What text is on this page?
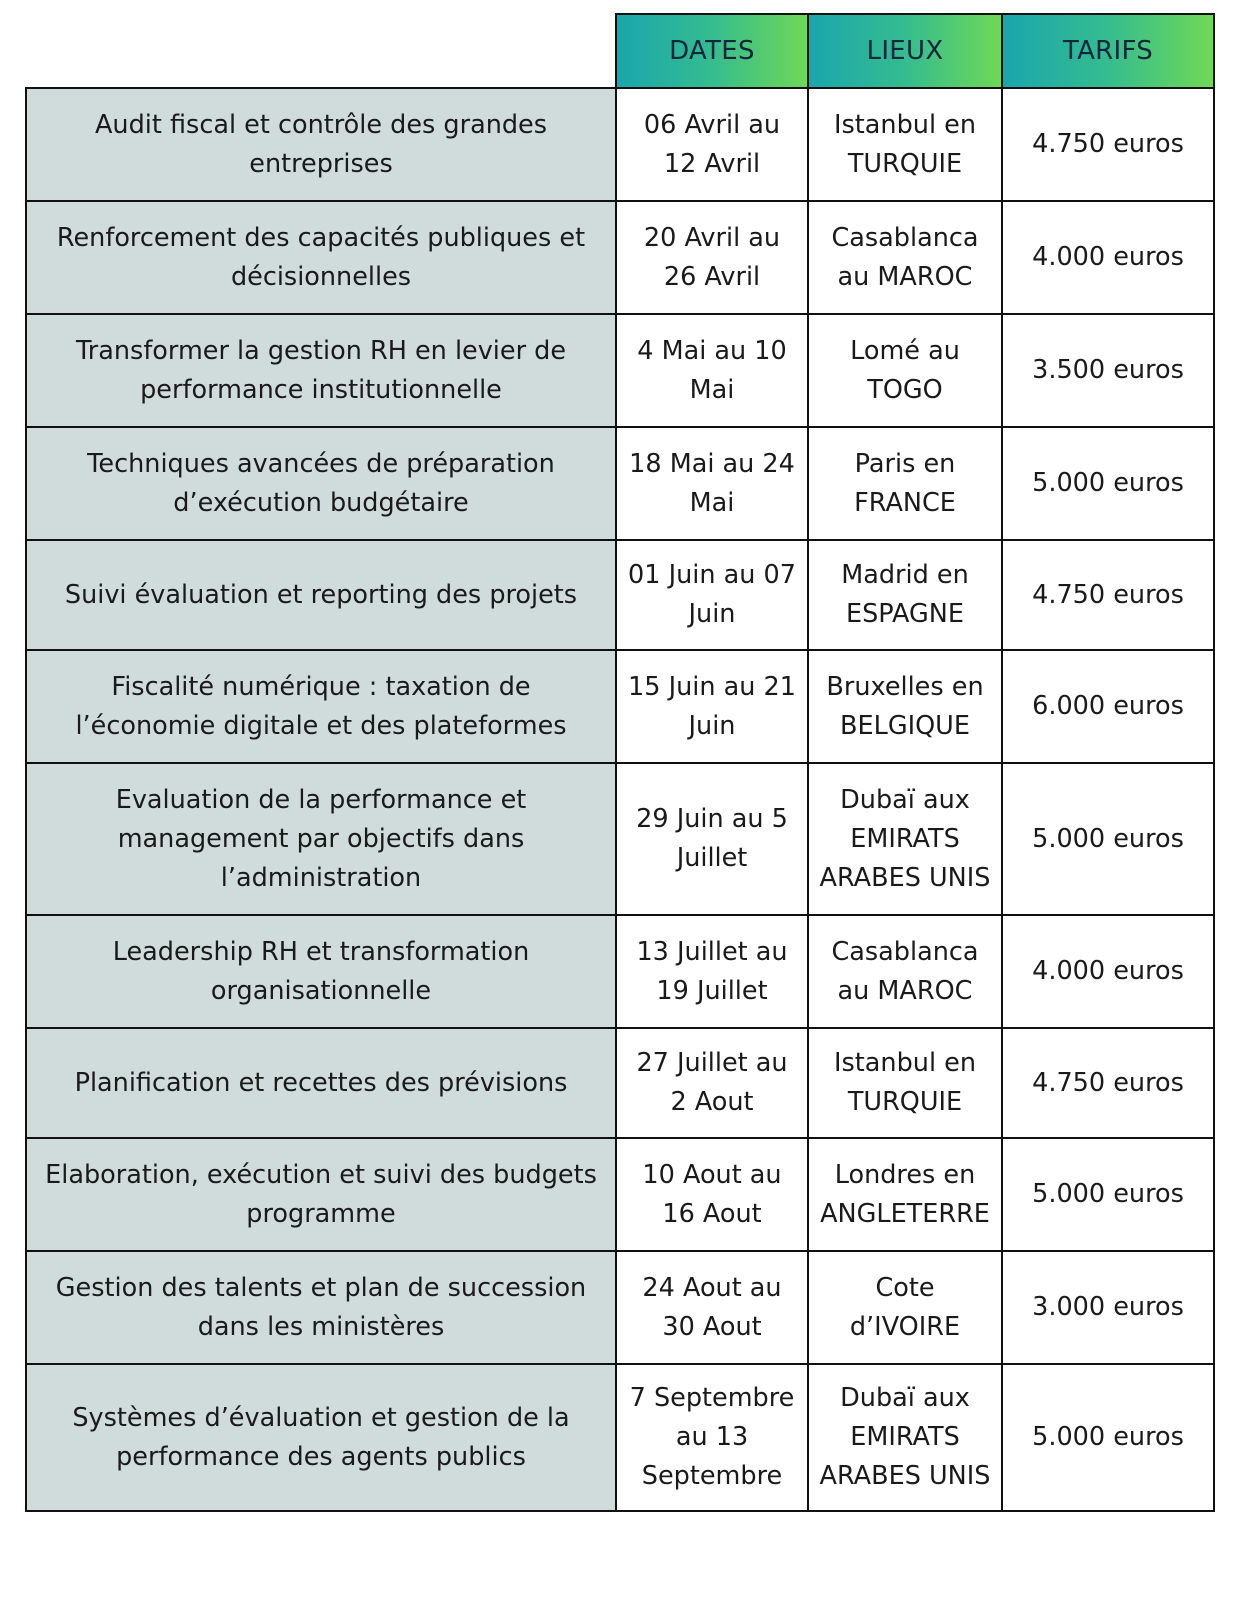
	DATES	LIEUX	TARIFS
Audit fiscal et contrôle des grandes entreprises	06 Avril au 12 Avril	Istanbul en TURQUIE	4.750 euros
Renforcement des capacités publiques et décisionnelles	20 Avril au 26 Avril	Casablanca au MAROC	4.000 euros
Transformer la gestion RH en levier de performance institutionnelle	4 Mai au 10 Mai	Lomé au TOGO	3.500 euros
Techniques avancées de préparation d’exécution budgétaire	18 Mai au 24 Mai	Paris en FRANCE	5.000 euros
Suivi évaluation et reporting des projets	01 Juin au 07 Juin	Madrid en ESPAGNE	4.750 euros
Fiscalité numérique : taxation de l’économie digitale et des plateformes	15 Juin au 21 Juin	Bruxelles en BELGIQUE	6.000 euros
Evaluation de la performance et management par objectifs dans l’administration	29 Juin au 5 Juillet	Dubaï aux EMIRATS ARABES UNIS	5.000 euros
Leadership RH et transformation organisationnelle	13 Juillet au 19 Juillet	Casablanca au MAROC	4.000 euros
Planification et recettes des prévisions	27 Juillet au 2 Aout	Istanbul en TURQUIE	4.750 euros
Elaboration, exécution et suivi des budgets programme	10 Aout au 16 Aout	Londres en ANGLETERRE	5.000 euros
Gestion des talents et plan de succession dans les ministères	24 Aout au 30 Aout	Cote d’IVOIRE	3.000 euros
Systèmes d’évaluation et gestion de la performance des agents publics	7 Septembre au 13 Septembre	Dubaï aux EMIRATS ARABES UNIS	5.000 euros
